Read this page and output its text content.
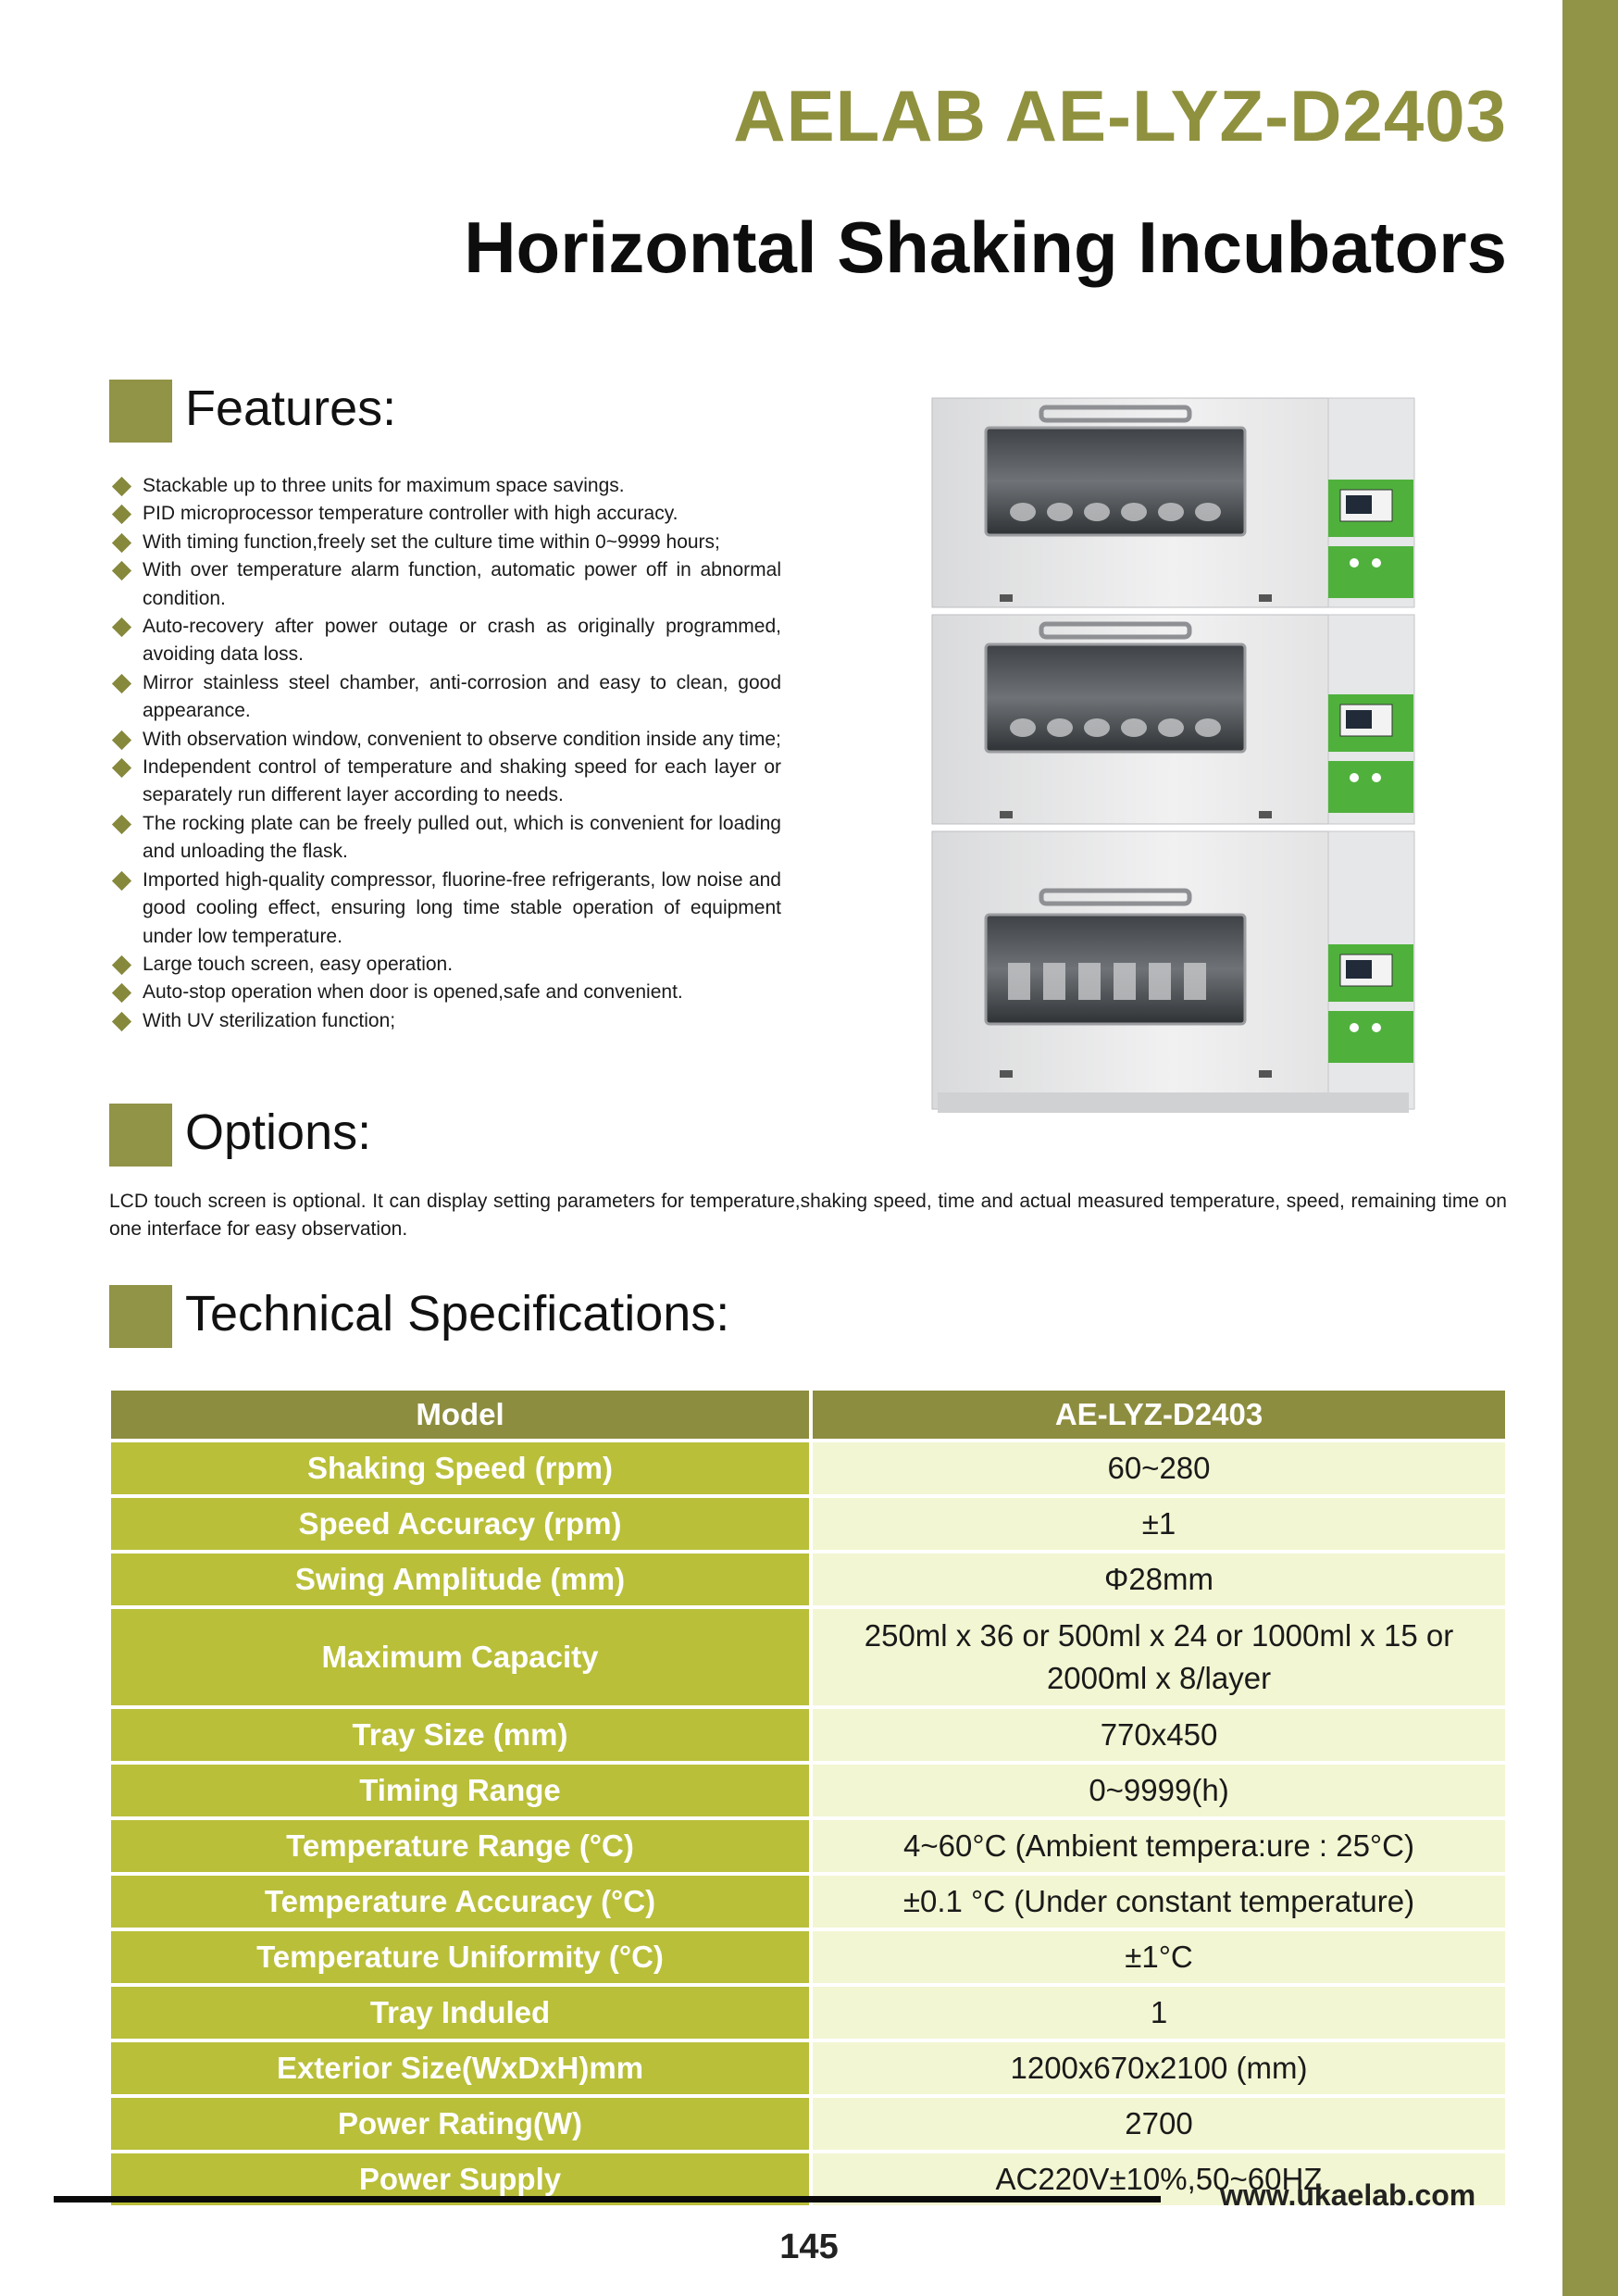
AELAB AE-LYZ-D2403
Horizontal Shaking Incubators
Features:
Stackable up to three units for maximum space savings.
PID microprocessor temperature controller with high accuracy.
With timing function,freely set the culture time within 0~9999 hours;
With over temperature alarm function, automatic power off in abnormal condition.
Auto-recovery after power outage or crash as originally programmed, avoiding data loss.
Mirror stainless steel chamber, anti-corrosion and easy to clean, good appearance.
With observation window, convenient to observe condition inside any time;
Independent control of temperature and shaking speed for each layer or separately run different layer according to needs.
The rocking plate can be freely pulled out, which is convenient for loading and unloading the flask.
Imported high-quality compressor, fluorine-free refrigerants, low noise and good cooling effect, ensuring long time stable operation of equipment under low temperature.
Large touch screen, easy operation.
Auto-stop operation when door is opened,safe and convenient.
With UV sterilization function;
Options:

LCD touch screen is optional. It can display setting parameters for temperature,shaking speed, time and actual measured temperature, speed, remaining time on one interface for easy observation.

Technical Specifications:
Model	AE-LYZ-D2403
Shaking Speed (rpm)	60~280
Speed Accuracy (rpm)	±1
Swing Amplitude (mm)	Φ28mm
Maximum Capacity	250ml x 36 or 500ml x 24 or 1000ml x 15 or 2000ml x 8/layer
Tray Size (mm)	770x450
Timing Range	0~9999(h)
Temperature Range (°C)	4~60°C (Ambient tempera:ure : 25°C)
Temperature Accuracy (°C)	±0.1 °C (Under constant temperature)
Temperature Uniformity (°C)	±1°C
Tray Induled	1
Exterior Size(WxDxH)mm	1200x670x2100 (mm)
Power Rating(W)	2700
Power Supply	AC220V±10%,50~60HZ
www.ukaelab.com
145
